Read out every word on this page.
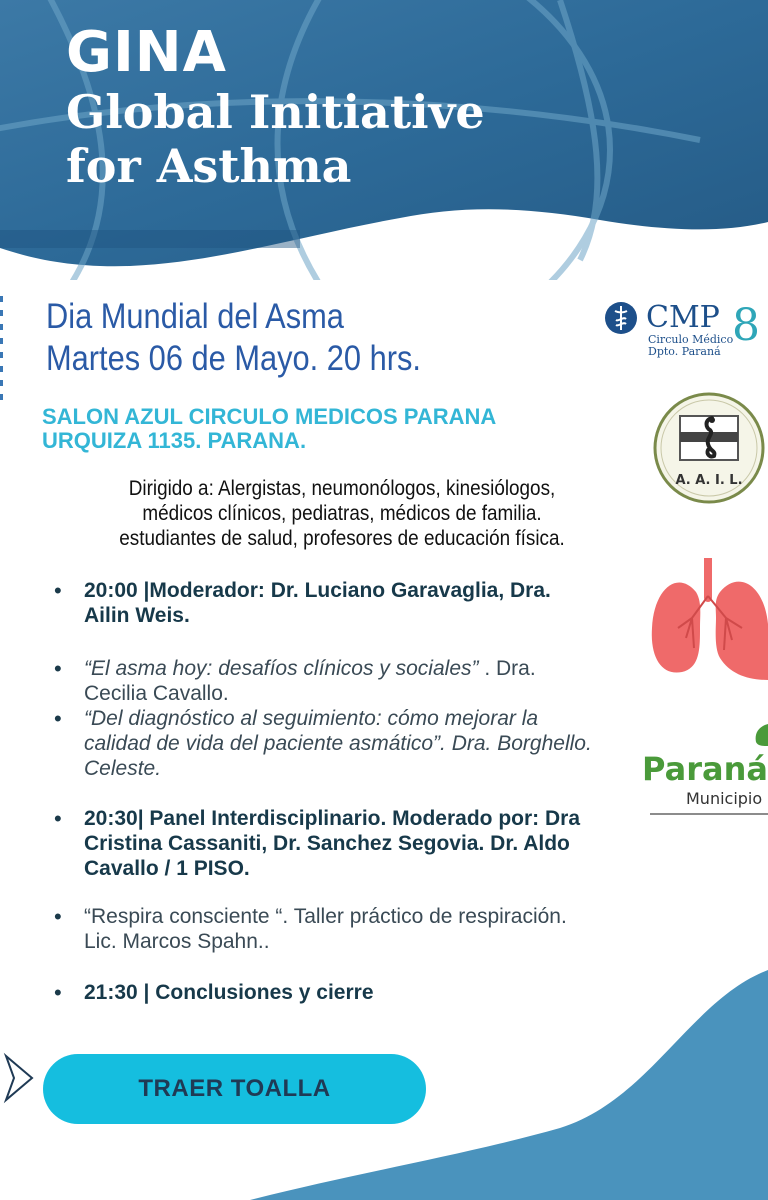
GINA
Global Initiative
for Asthma
Dia Mundial del Asma
Martes 06 de Mayo. 20 hrs.
SALON AZUL CIRCULO MEDICOS PARANA
URQUIZA 1135. PARANA.
Dirigido a: Alergistas, neumonólogos, kinesiólogos, médicos clínicos, pediatras, médicos de familia. estudiantes de salud, profesores de educación física.
• 20:00 |Moderador: Dr. Luciano Garavaglia, Dra. Ailin Weis.
• “El asma hoy: desafíos clínicos y sociales” . Dra. Cecilia Cavallo.
• “Del diagnóstico al seguimiento: cómo mejorar la calidad de vida del paciente asmático”. Dra. Borghello. Celeste.
• 20:30| Panel Interdisciplinario. Moderado por: Dra Cristina Cassaniti, Dr. Sanchez Segovia. Dr. Aldo Cavallo / 1 PISO.
• “Respira consciente “. Taller práctico de respiración. Lic. Marcos Spahn..
• 21:30 | Conclusiones y cierre
CMP
Circulo Médico
Dpto. Paraná
8
A. A. I. L.
Paraná
Municipio
TRAER TOALLA
